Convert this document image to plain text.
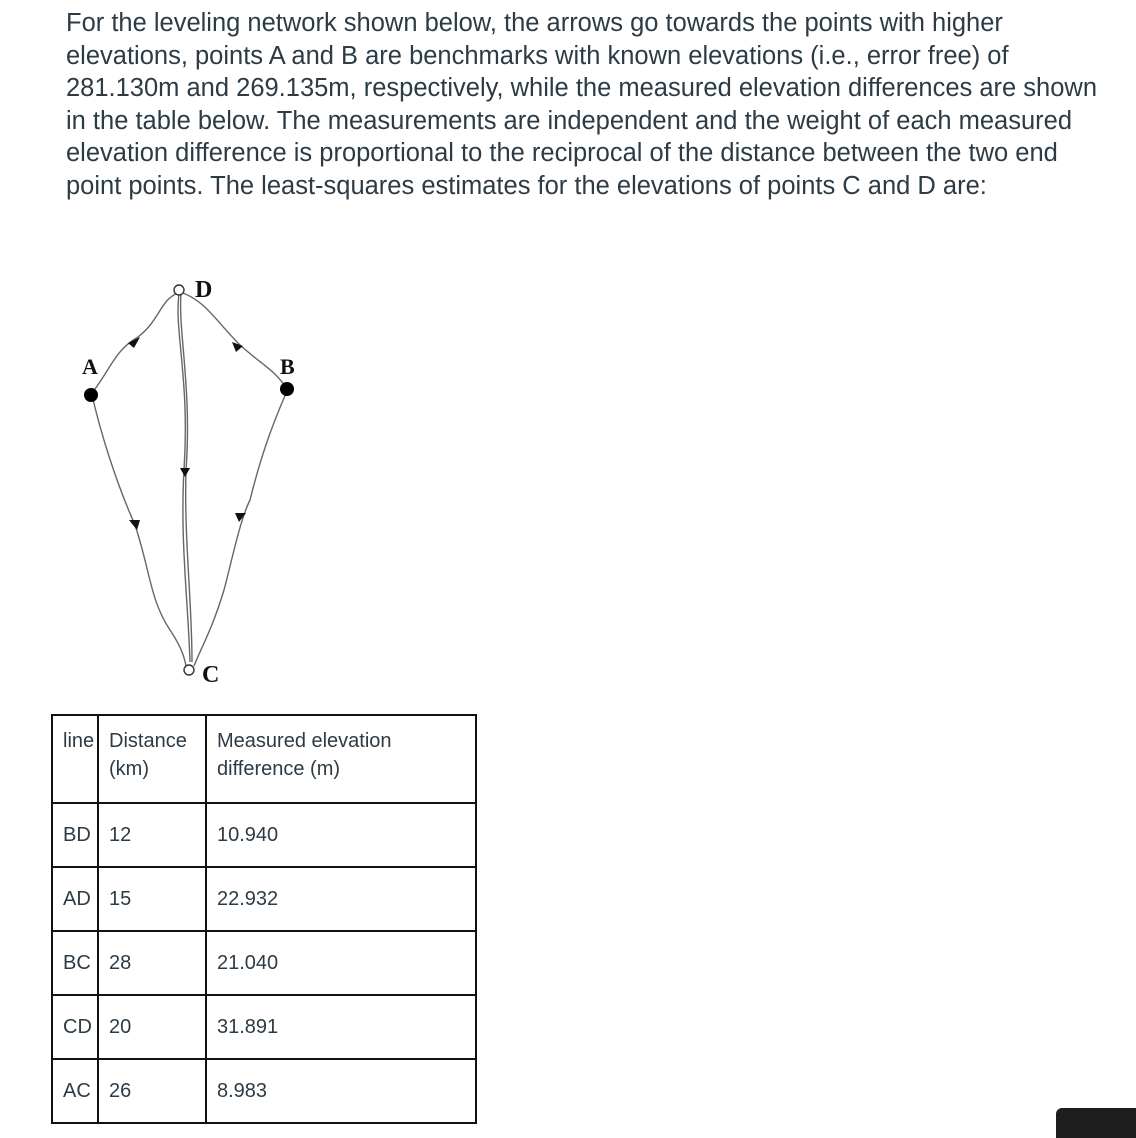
For the leveling network shown below, the arrows go towards the points with higher elevations, points A and B are benchmarks with known elevations (i.e., error free) of 281.130m and 269.135m, respectively, while the measured elevation differences are shown in the table below. The measurements are independent and the weight of each measured elevation difference is proportional to the reciprocal of the distance between the two end point points. The least-squares estimates for the elevations of points C and D are:

D
A	B
C
line	Distance (km)	Measured elevation difference (m)
BD	12	10.940
AD	15	22.932
BC	28	21.040
CD	20	31.891
AC	26	8.983
